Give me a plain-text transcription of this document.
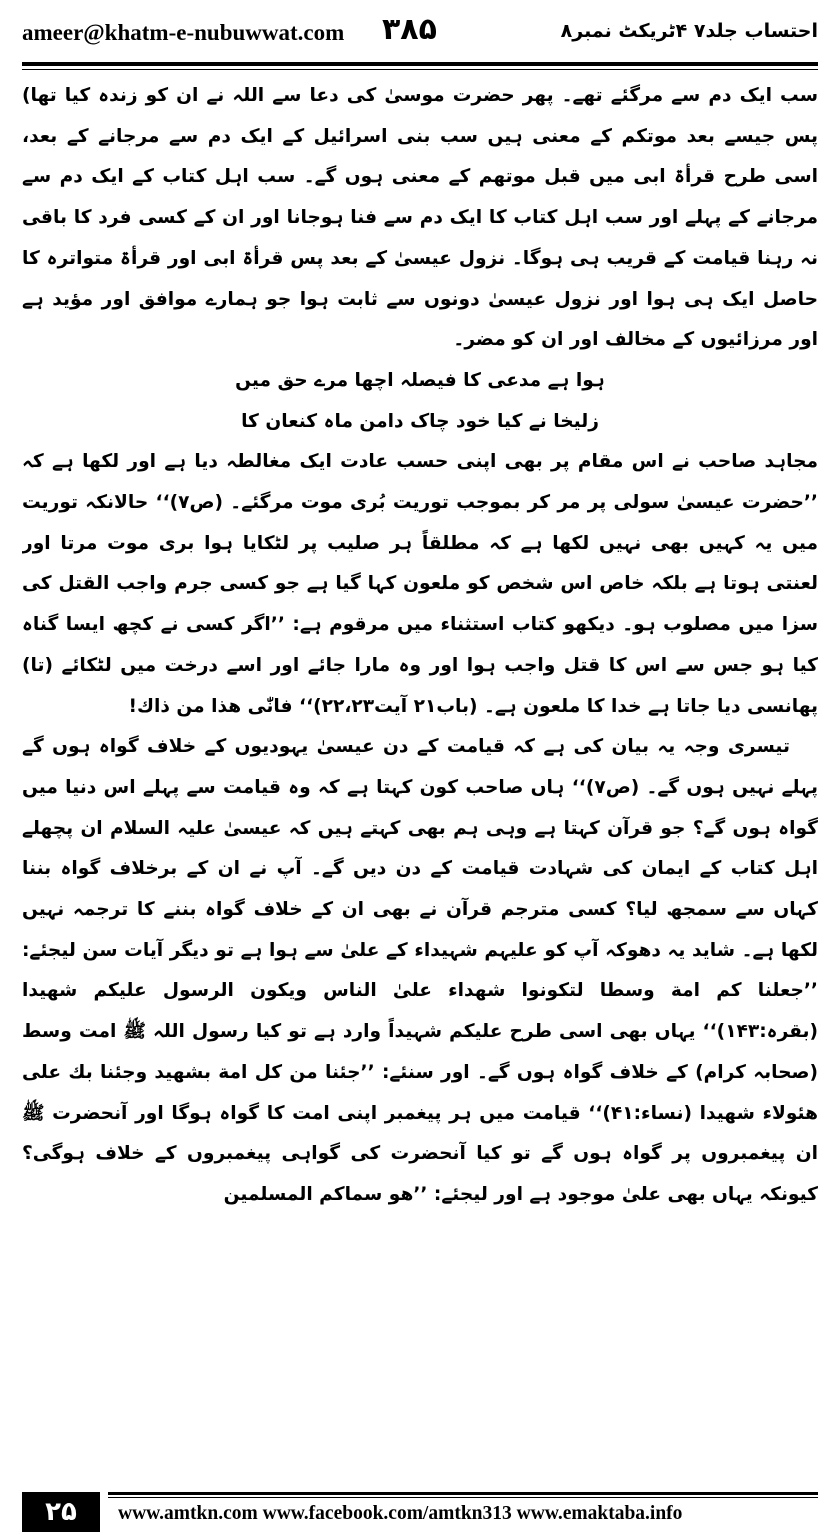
ameer@khatm-e-nubuwwat.com ۳۸۵	احتساب جلد۷ ۴ٹریکٹ نمبر۸

سب ایک دم سے مرگئے تھے۔ پھر حضرت موسیٰ کی دعا سے اللہ نے ان کو زندہ کیا تھا) پس جیسے بعد موتکم کے معنی ہیں سب بنی اسرائیل کے ایک دم سے مرجانے کے بعد، اسی طرح قرأۃ ابی میں قبل موتھم کے معنی ہوں گے۔ سب اہل کتاب کے ایک دم سے مرجانے کے پہلے اور سب اہل کتاب کا ایک دم سے فنا ہوجانا اور ان کے کسی فرد کا باقی نہ رہنا قیامت کے قریب ہی ہوگا۔ نزول عیسیٰ کے بعد پس قرأۃ ابی اور قرأۃ متواترہ کا حاصل ایک ہی ہوا اور نزول عیسیٰ دونوں سے ثابت ہوا جو ہمارے موافق اور مؤید ہے اور مرزائیوں کے مخالف اور ان کو مضر۔

ہوا ہے مدعی کا فیصلہ اچھا مرے حق میں

زلیخا نے کیا خود چاک دامن ماہ کنعان کا

مجاہد صاحب نے اس مقام پر بھی اپنی حسب عادت ایک مغالطہ دیا ہے اور لکھا ہے کہ ’’حضرت عیسیٰ سولی پر مر کر بموجب توریت بُری موت مرگئے۔ (ص۷)‘‘ حالانکہ توریت میں یہ کہیں بھی نہیں لکھا ہے کہ مطلقاً ہر صلیب پر لٹکایا ہوا بری موت مرتا اور لعنتی ہوتا ہے بلکہ خاص اس شخص کو ملعون کہا گیا ہے جو کسی جرم واجب القتل کی سزا میں مصلوب ہو۔ دیکھو کتاب استثناء میں مرقوم ہے: ’’اگر کسی نے کچھ ایسا گناہ کیا ہو جس سے اس کا قتل واجب ہوا اور وہ مارا جائے اور اسے درخت میں لٹکائے (تا) پھانسی دیا جاتا ہے خدا کا ملعون ہے۔ (باب۲۱ آیت۲۲،۲۳)‘‘ فانّٰی ھذا من ذاك!

تیسری وجہ یہ بیان کی ہے کہ قیامت کے دن عیسیٰ یہودیوں کے خلاف گواہ ہوں گے پہلے نہیں ہوں گے۔ (ص۷)‘‘ ہاں صاحب کون کہتا ہے کہ وہ قیامت سے پہلے اس دنیا میں گواہ ہوں گے؟ جو قرآن کہتا ہے وہی ہم بھی کہتے ہیں کہ عیسیٰ علیہ السلام ان پچھلے اہل کتاب کے ایمان کی شہادت قیامت کے دن دیں گے۔ آپ نے ان کے برخلاف گواہ بننا کہاں سے سمجھ لیا؟ کسی مترجم قرآن نے بھی ان کے خلاف گواہ بننے کا ترجمہ نہیں لکھا ہے۔ شاید یہ دھوکہ آپ کو علیہم شہیداء کے علیٰ سے ہوا ہے تو دیگر آیات سن لیجئے: ’’جعلنا کم امة وسطا لتكونوا شهداء علىٰ الناس ويكون الرسول عليكم شهيدا (بقرہ:۱۴۳)‘‘ یہاں بھی اسی طرح علیکم شہیداً وارد ہے تو کیا رسول اللہ ﷺ امت وسط (صحابہ کرام) کے خلاف گواہ ہوں گے۔ اور سنئے: ’’جئنا من كل امة بشهيد وجئنا بك على هئولاء شهيدا (نساء:۴۱)‘‘ قیامت میں ہر پیغمبر اپنی امت کا گواہ ہوگا اور آنحضرت ﷺ ان پیغمبروں پر گواہ ہوں گے تو کیا آنحضرت کی گواہی پیغمبروں کے خلاف ہوگی؟ کیونکہ یہاں بھی علیٰ موجود ہے اور لیجئے: ’’ھو سماکم المسلمین

۲۵	www.amtkn.com www.facebook.com/amtkn313 www.emaktaba.info
